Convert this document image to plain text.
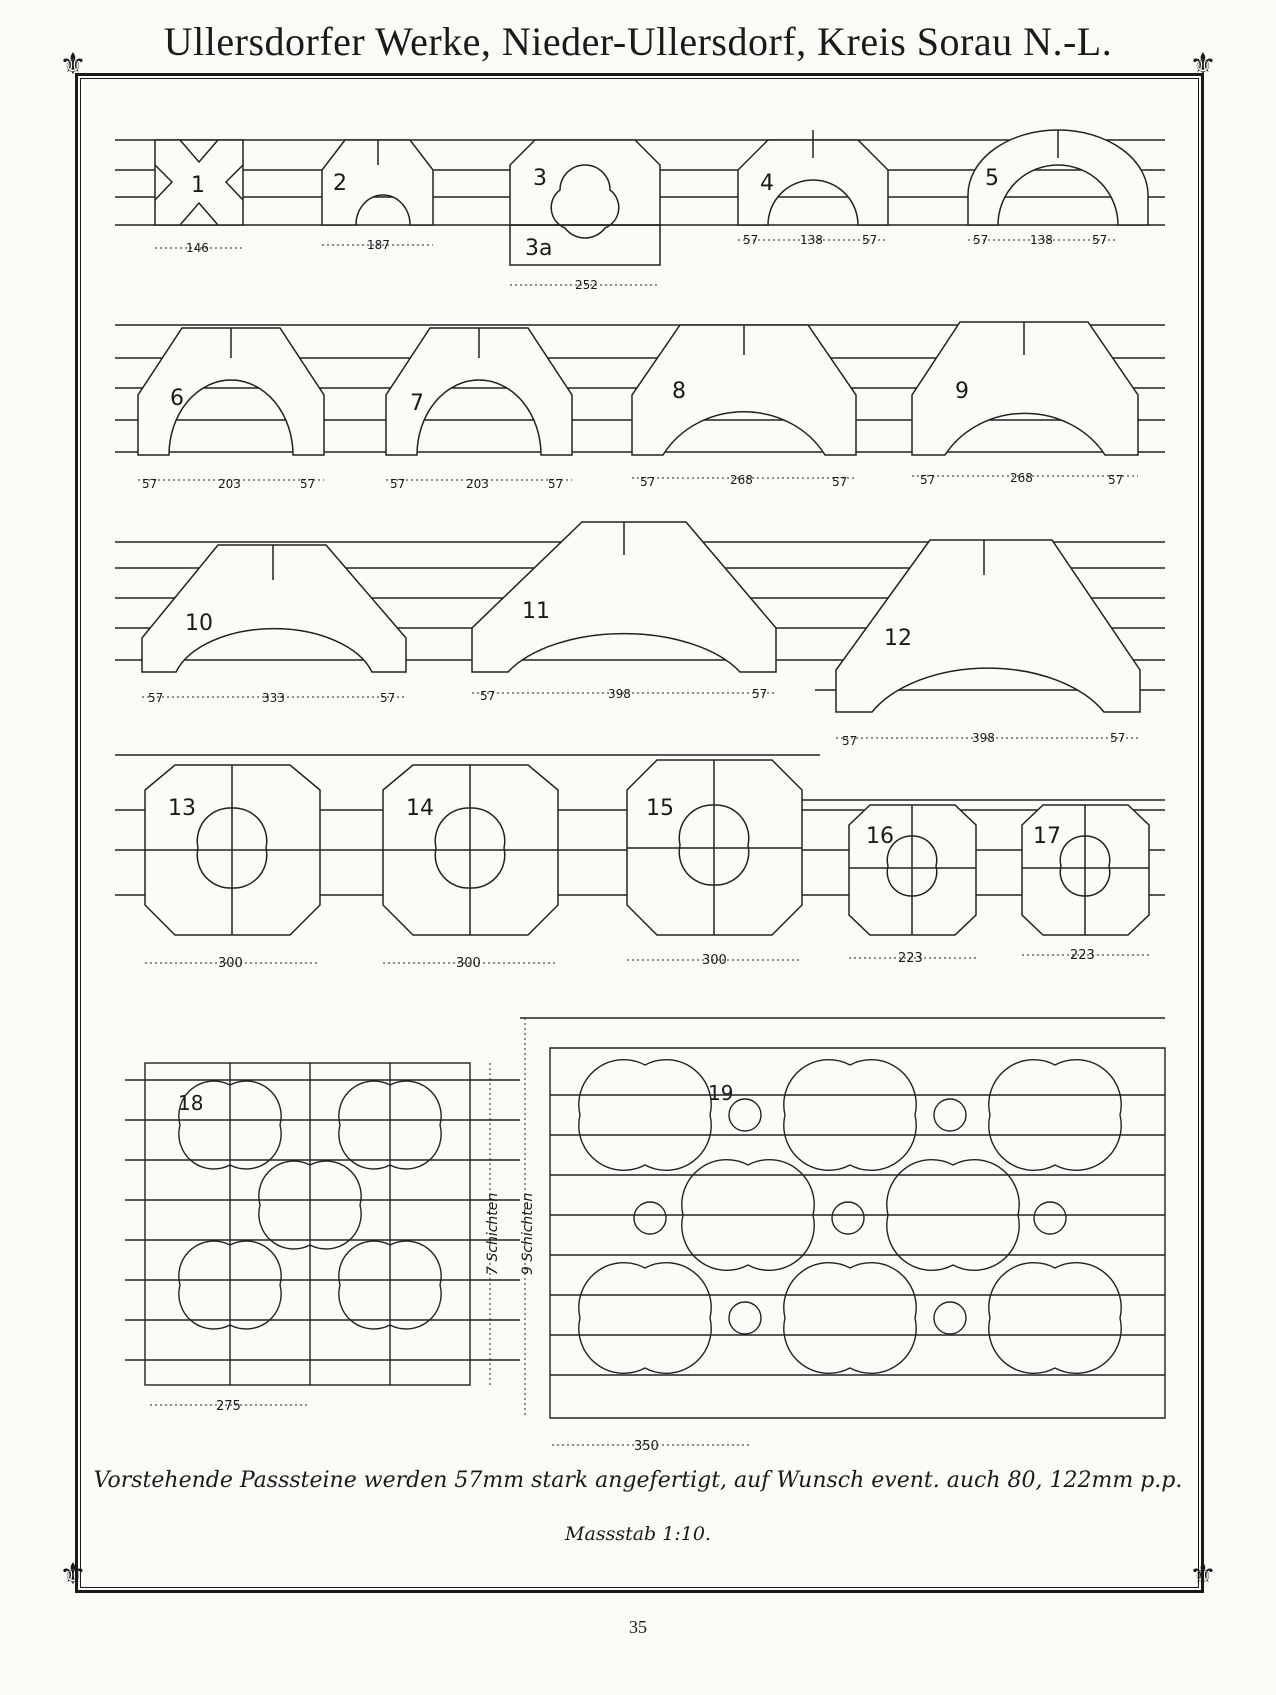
Ullersdorfer Werke, Nieder-Ullersdorf, Kreis Sorau N.-L.
⚜	⚜
⚜	⚜
1	2	3
3a
4	5
146	187
252
57	138	57	57	138	57
6	7	8	9
57	203	57	57	203	57	57	268	57	57	268	57
10	11
12
57	333	57	57	398	57
57	398	57
13	14	15
16	17
300	300	300	223	223
18
275
7 Schichten 9 Schichten
19
350
Vorstehende Passsteine werden 57mm stark angefertigt, auf Wunsch event. auch 80, 122mm p.p.
Massstab 1:10.
35
